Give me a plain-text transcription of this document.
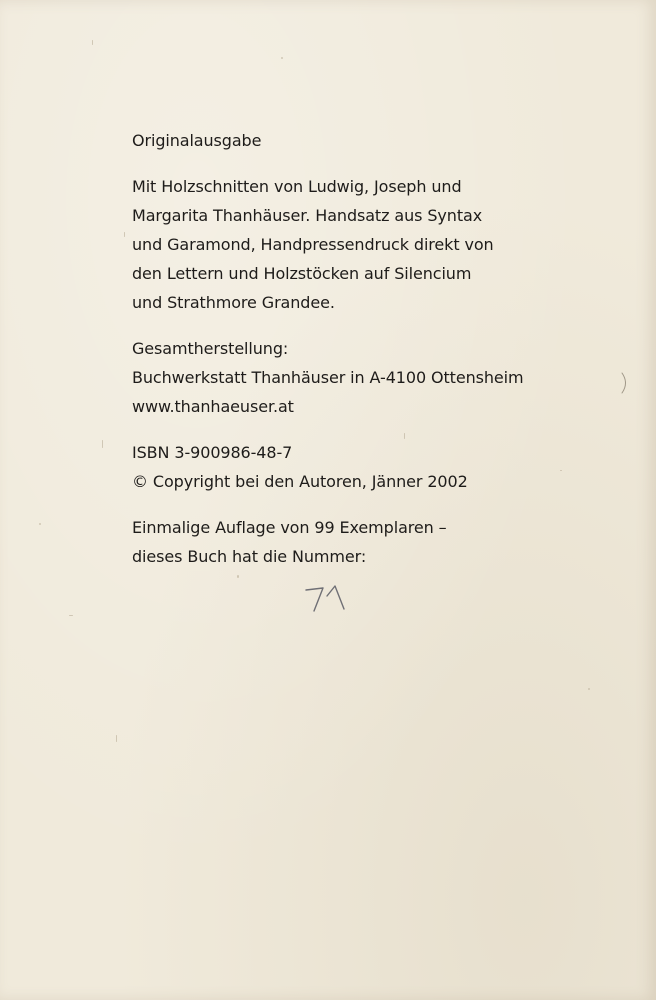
Originalausgabe

Mit Holzschnitten von Ludwig, Joseph und
Margarita Thanhäuser. Handsatz aus Syntax
und Garamond, Handpressendruck direkt von
den Lettern und Holzstöcken auf Silencium
und Strathmore Grandee.

Gesamtherstellung:
Buchwerkstatt Thanhäuser in A-4100 Ottensheim
www.thanhaeuser.at

ISBN 3-900986-48-7
© Copyright bei den Autoren, Jänner 2002

Einmalige Auflage von 99 Exemplaren –
dieses Buch hat die Nummer:
